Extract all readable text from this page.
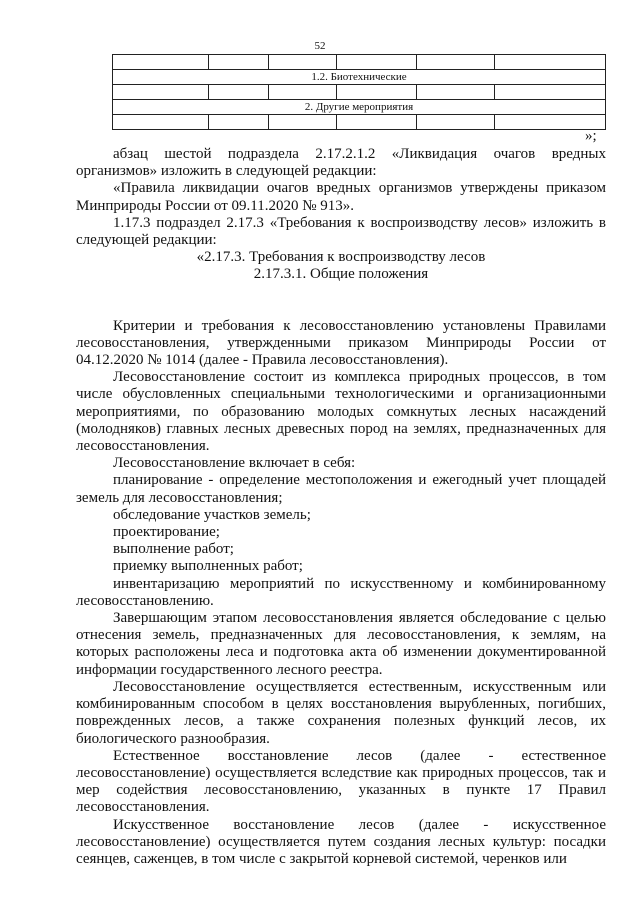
52

1.2. Биотехнические					

2. Другие мероприятия					

»;

абзац шестой подраздела 2.17.2.1.2 «Ликвидация очагов вредных организмов» изложить в следующей редакции:

«Правила ликвидации очагов вредных организмов утверждены приказом Минприроды России от 09.11.2020 № 913».

1.17.3 подраздел 2.17.3 «Требования к воспроизводству лесов» изложить в следующей редакции:

«2.17.3. Требования к воспроизводству лесов

2.17.3.1. Общие положения

Критерии и требования к лесовосстановлению установлены Правилами лесовосстановления, утвержденными приказом Минприроды России от 04.12.2020 № 1014 (далее - Правила лесовосстановления).

Лесовосстановление состоит из комплекса природных процессов, в том числе обусловленных специальными технологическими и организационными мероприятиями, по образованию молодых сомкнутых лесных насаждений (молодняков) главных лесных древесных пород на землях, предназначенных для лесовосстановления.

Лесовосстановление включает в себя:

планирование - определение местоположения и ежегодный учет площадей земель для лесовосстановления;

обследование участков земель;

проектирование;

выполнение работ;

приемку выполненных работ;

инвентаризацию мероприятий по искусственному и комбинированному лесовосстановлению.

Завершающим этапом лесовосстановления является обследование с целью отнесения земель, предназначенных для лесовосстановления, к землям, на которых расположены леса и подготовка акта об изменении документированной информации государственного лесного реестра.

Лесовосстановление осуществляется естественным, искусственным или комбинированным способом в целях восстановления вырубленных, погибших, поврежденных лесов, а также сохранения полезных функций лесов, их биологического разнообразия.

Естественное восстановление лесов (далее - естественное лесовосстановление) осуществляется вследствие как природных процессов, так и мер содействия лесовосстановлению, указанных в пункте 17 Правил лесовосстановления.

Искусственное восстановление лесов (далее - искусственное лесовосстановление) осуществляется путем создания лесных культур: посадки сеянцев, саженцев, в том числе с закрытой корневой системой, черенков или
